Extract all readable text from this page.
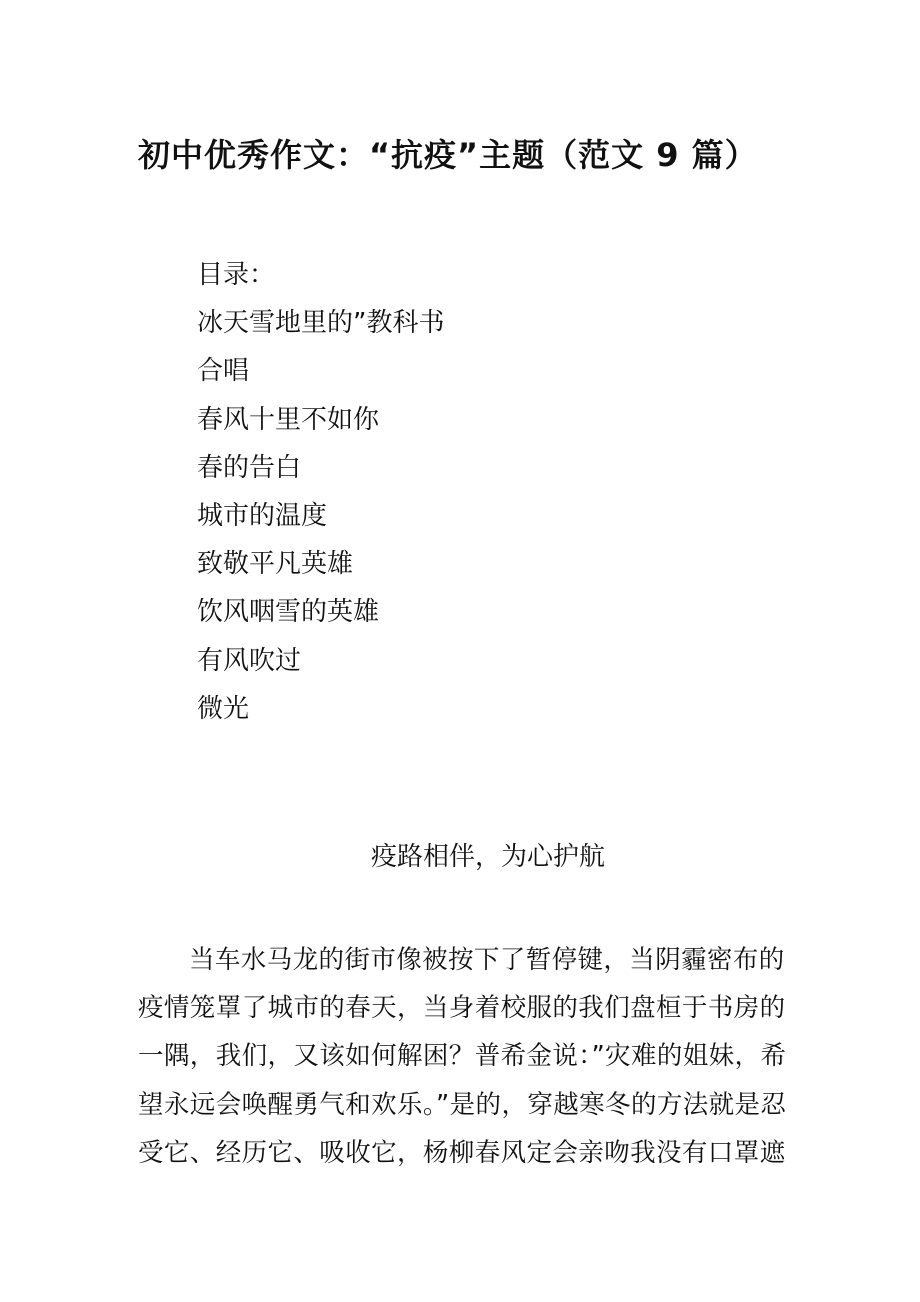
初中优秀作文：“抗疫”主题（范文 9 篇）
目录：
冰天雪地里的”教科书
合唱
春风十里不如你
春的告白
城市的温度
致敬平凡英雄
饮风咽雪的英雄
有风吹过
微光
疫路相伴，为心护航
当车水马龙的街市像被按下了暂停键，当阴霾密布的
疫情笼罩了城市的春天，当身着校服的我们盘桓于书房的
一隅，我们，又该如何解困？普希金说：”灾难的姐妹，希
望永远会唤醒勇气和欢乐。”是的，穿越寒冬的方法就是忍
受它、经历它、吸收它，杨柳春风定会亲吻我没有口罩遮
